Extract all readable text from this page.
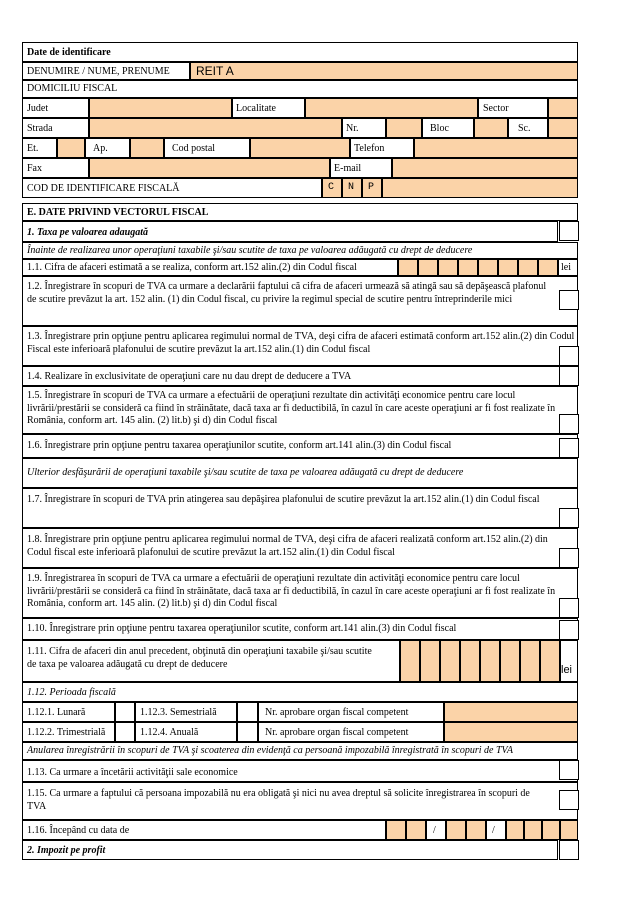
Date de identificare
DENUMIRE / NUME, PRENUME REIT A
DOMICILIU FISCAL
Judet	Localitate	Sector
Strada	Nr.	Bloc	Sc.
Et.	Ap.	Cod postal	Telefon
Fax	E-mail
COD DE IDENTIFICARE FISCALĂ	C N P
E. DATE PRIVIND VECTORUL FISCAL
1. Taxa pe valoarea adaugată
Înainte de realizarea unor operaţiuni taxabile şi/sau scutite de taxa pe valoarea adăugată cu drept de deducere
1.1. Cifra de afaceri estimată a se realiza, conform art.152 alin.(2) din Codul fiscal	lei
1.2. Înregistrare în scopuri de TVA ca urmare a declarării faptului că cifra de afaceri urmează să atingă sau să depăşească plafonul de scutire prevăzut la art. 152 alin. (1) din Codul fiscal, cu privire la regimul special de scutire pentru întreprinderile mici
1.3. Înregistrare prin opţiune pentru aplicarea regimului normal de TVA, deşi cifra de afaceri estimată conform art.152 alin.(2) din Codul Fiscal este inferioară plafonului de scutire prevăzut la art.152 alin.(1) din Codul fiscal
1.4. Realizare în exclusivitate de operaţiuni care nu dau drept de deducere a TVA
1.5. Înregistrare în scopuri de TVA ca urmare a efectuării de operaţiuni rezultate din activităţi economice pentru care locul livrării/prestării se consideră ca fiind în străinătate, dacă taxa ar fi deductibilă, în cazul în care aceste operaţiuni ar fi fost realizate în România, conform art. 145 alin. (2) lit.b) şi d) din Codul fiscal
1.6. Înregistrare prin opţiune pentru taxarea operaţiunilor scutite, conform art.141 alin.(3) din Codul fiscal
Ulterior desfăşurării de operaţiuni taxabile şi/sau scutite de taxa pe valoarea adăugată cu drept de deducere
1.7. Înregistrare în scopuri de TVA prin atingerea sau depăşirea plafonului de scutire prevăzut la art.152 alin.(1) din Codul fiscal
1.8. Înregistrare prin opţiune pentru aplicarea regimului normal de TVA, deşi cifra de afaceri realizată conform art.152 alin.(2) din Codul fiscal este inferioară plafonului de scutire prevăzut la art.152 alin.(1) din Codul fiscal
1.9. Înregistrarea în scopuri de TVA ca urmare a efectuării de operaţiuni rezultate din activităţi economice pentru care locul livrării/prestării se consideră ca fiind în străinătate, dacă taxa ar fi deductibilă, în cazul în care aceste operaţiuni ar fi fost realizate în România, conform art. 145 alin. (2) lit.b) şi d) din Codul fiscal
1.10. Înregistrare prin opţiune pentru taxarea operaţiunilor scutite, conform art.141 alin.(3) din Codul fiscal
1.11. Cifra de afaceri din anul precedent, obţinută din operaţiuni taxabile şi/sau scutite de taxa pe valoarea adăugată cu drept de deducere	lei
1.12. Perioada fiscală
1.12.1. Lunară	1.12.3. Semestrială	Nr. aprobare organ fiscal competent
1.12.2. Trimestrială	1.12.4. Anuală	Nr. aprobare organ fiscal competent
Anularea înregistrării în scopuri de TVA şi scoaterea din evidenţă ca persoană impozabilă înregistrată în scopuri de TVA
1.13. Ca urmare a încetării activităţii sale economice
1.15. Ca urmare a faptului că persoana impozabilă nu era obligată şi nici nu avea dreptul să solicite înregistrarea în scopuri de TVA
1.16. Începând cu data de	/	/
2. Impozit pe profit
